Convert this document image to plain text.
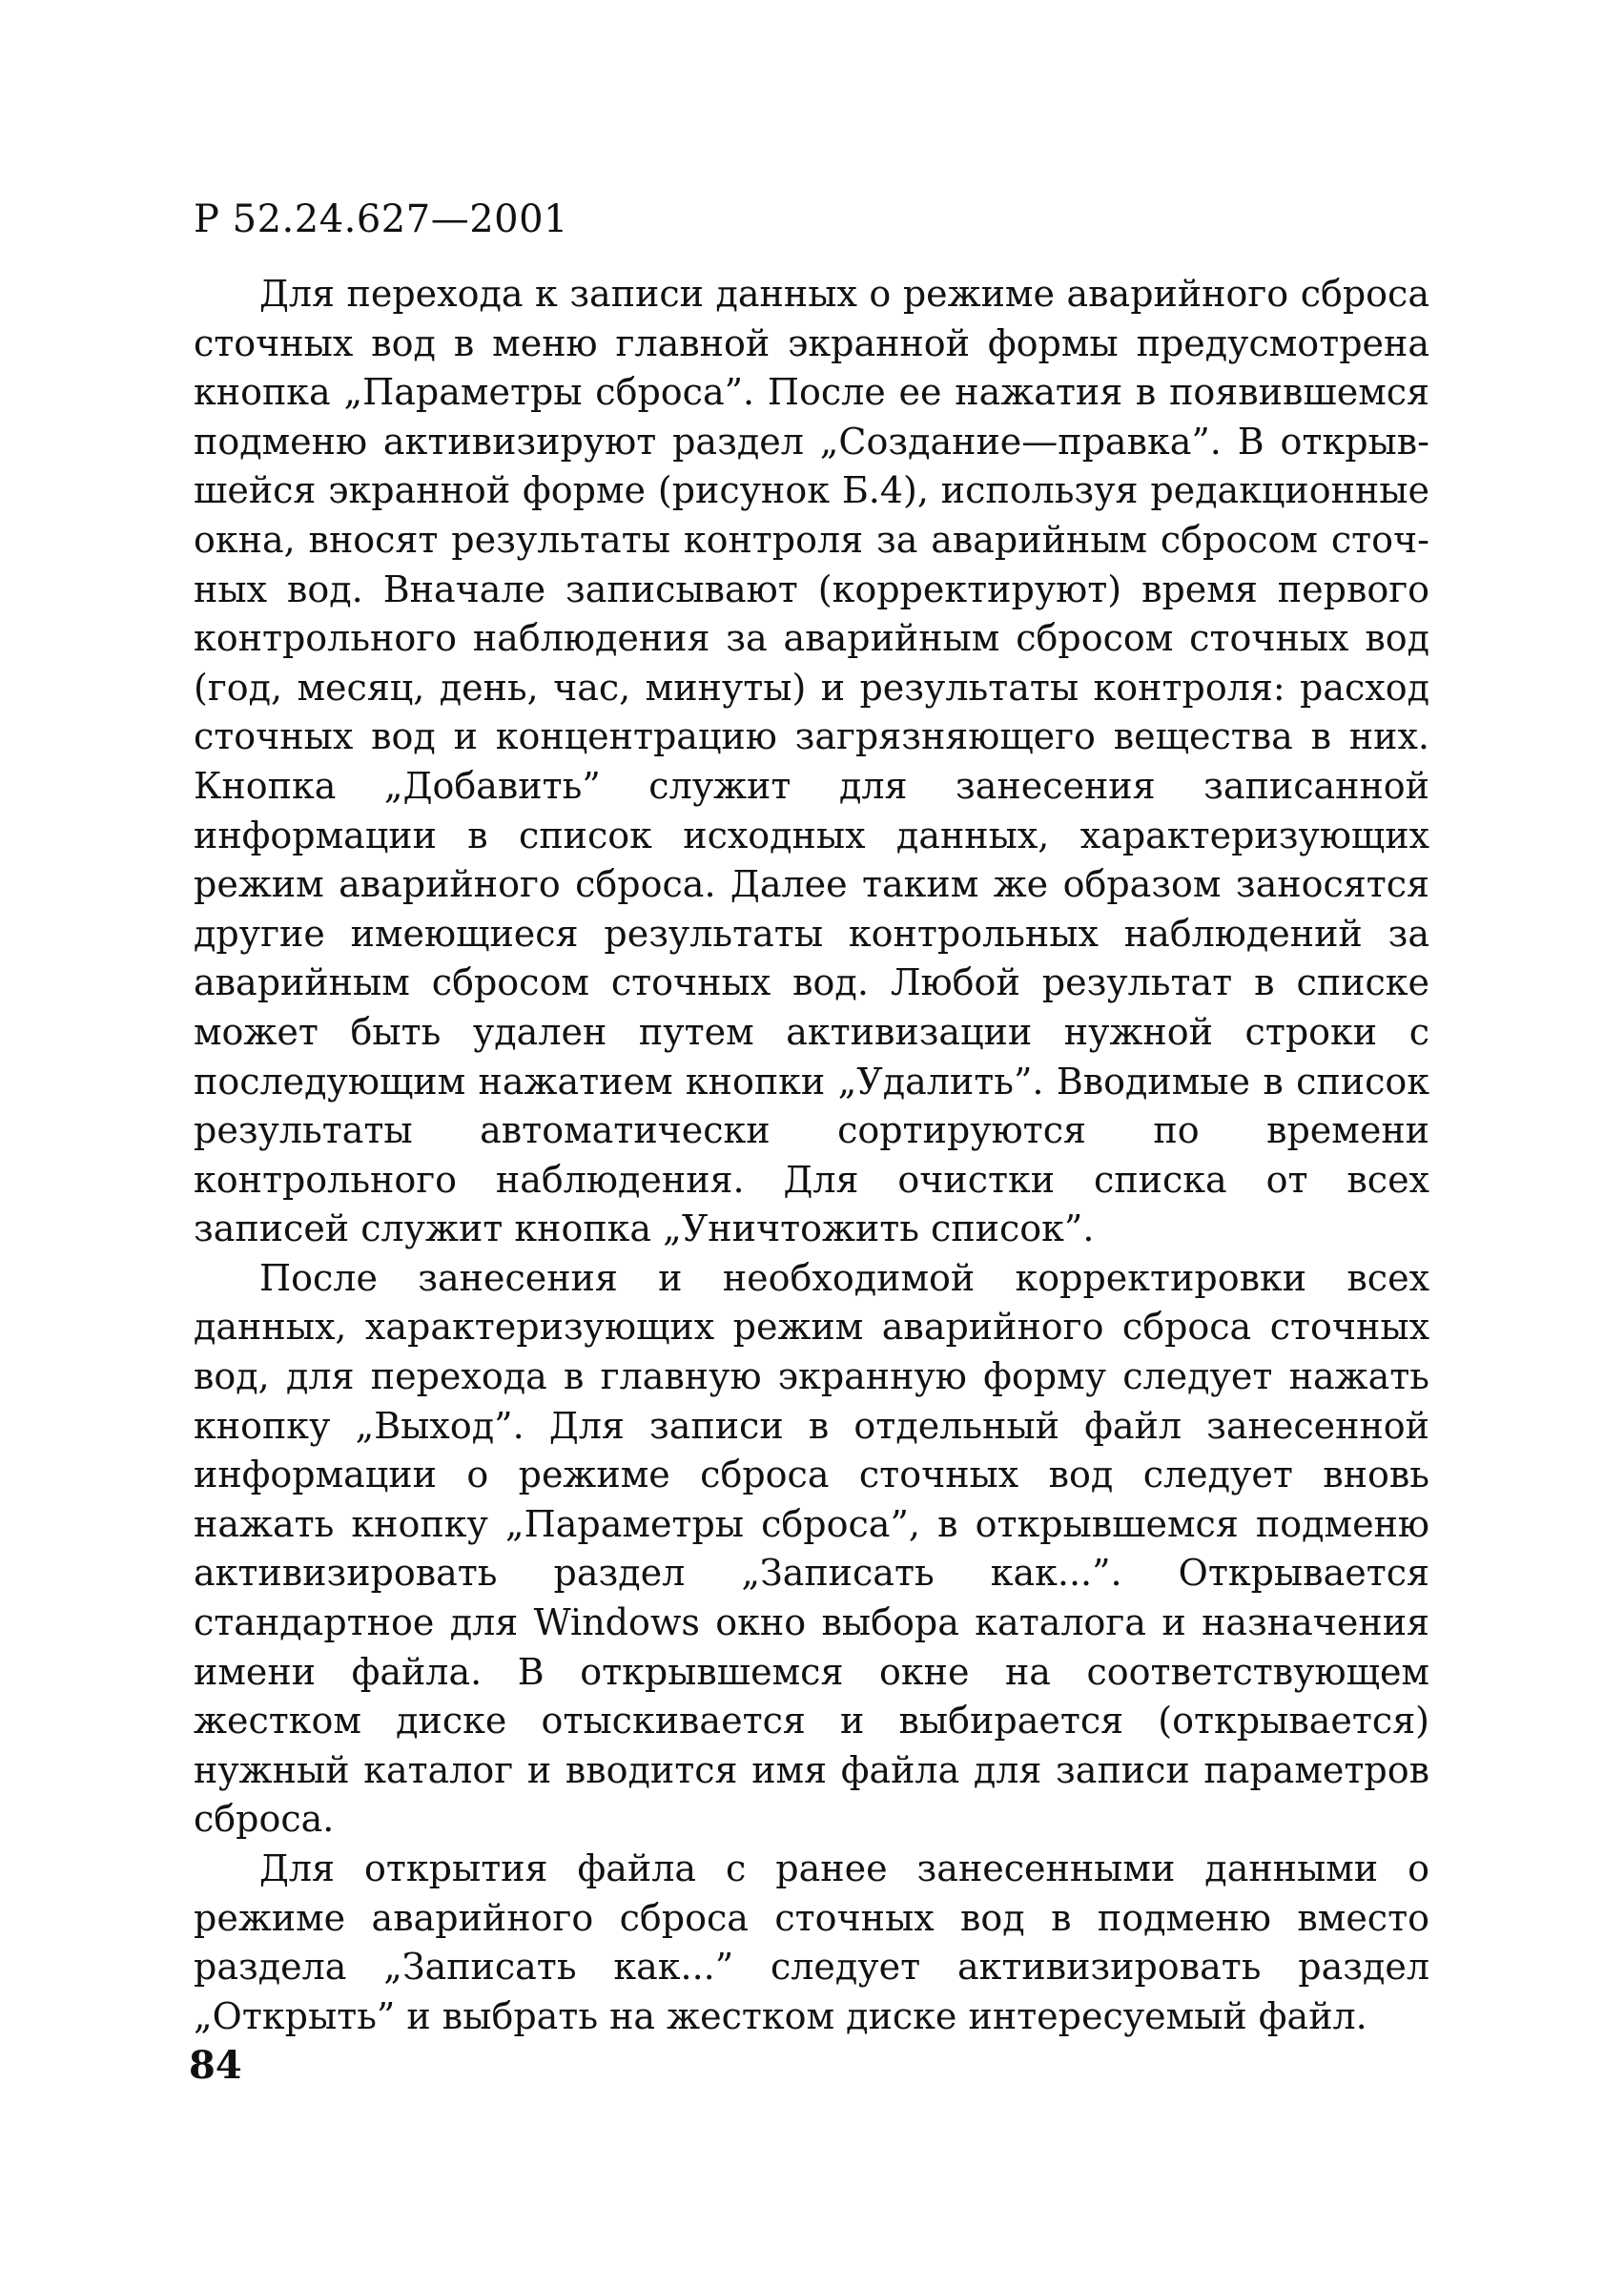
Р 52.24.627—2001

Для перехода к записи данных о режиме аварийного сброса сточных вод в меню главной экранной формы предусмотрена кнопка „Параметры сброса”. После ее нажатия в появившемся подменю активизируют раздел „Создание—правка”. В открывшейся экранной форме (рисунок Б.4), используя редакционные окна, вносят результаты контроля за аварийным сбросом сточных вод. Вначале записывают (корректируют) время первого контрольного наблюдения за аварийным сбросом сточных вод (год, месяц, день, час, минуты) и результаты контроля: расход сточных вод и концентрацию загрязняющего вещества в них. Кнопка „Добавить” служит для занесения записанной информации в список исходных данных, характеризующих режим аварийного сброса. Далее таким же образом заносятся другие имеющиеся результаты контрольных наблюдений за аварийным сбросом сточных вод. Любой результат в списке может быть удален путем активизации нужной строки с последующим нажатием кнопки „Удалить”. Вводимые в список результаты автоматически сортируются по времени контрольного наблюдения. Для очистки списка от всех записей служит кнопка „Уничтожить список”.

После занесения и необходимой корректировки всех данных, характеризующих режим аварийного сброса сточных вод, для перехода в главную экранную форму следует нажать кнопку „Выход”. Для записи в отдельный файл занесенной информации о режиме сброса сточных вод следует вновь нажать кнопку „Параметры сброса”, в открывшемся подменю активизировать раздел „Записать как...”. Открывается стандартное для Windows окно выбора каталога и назначения имени файла. В открывшемся окне на соответствующем жестком диске отыскивается и выбирается (открывается) нужный каталог и вводится имя файла для записи параметров сброса.

Для открытия файла с ранее занесенными данными о режиме аварийного сброса сточных вод в подменю вместо раздела „Записать как...” следует активизировать раздел „Открыть” и выбрать на жестком диске интересуемый файл.

84
